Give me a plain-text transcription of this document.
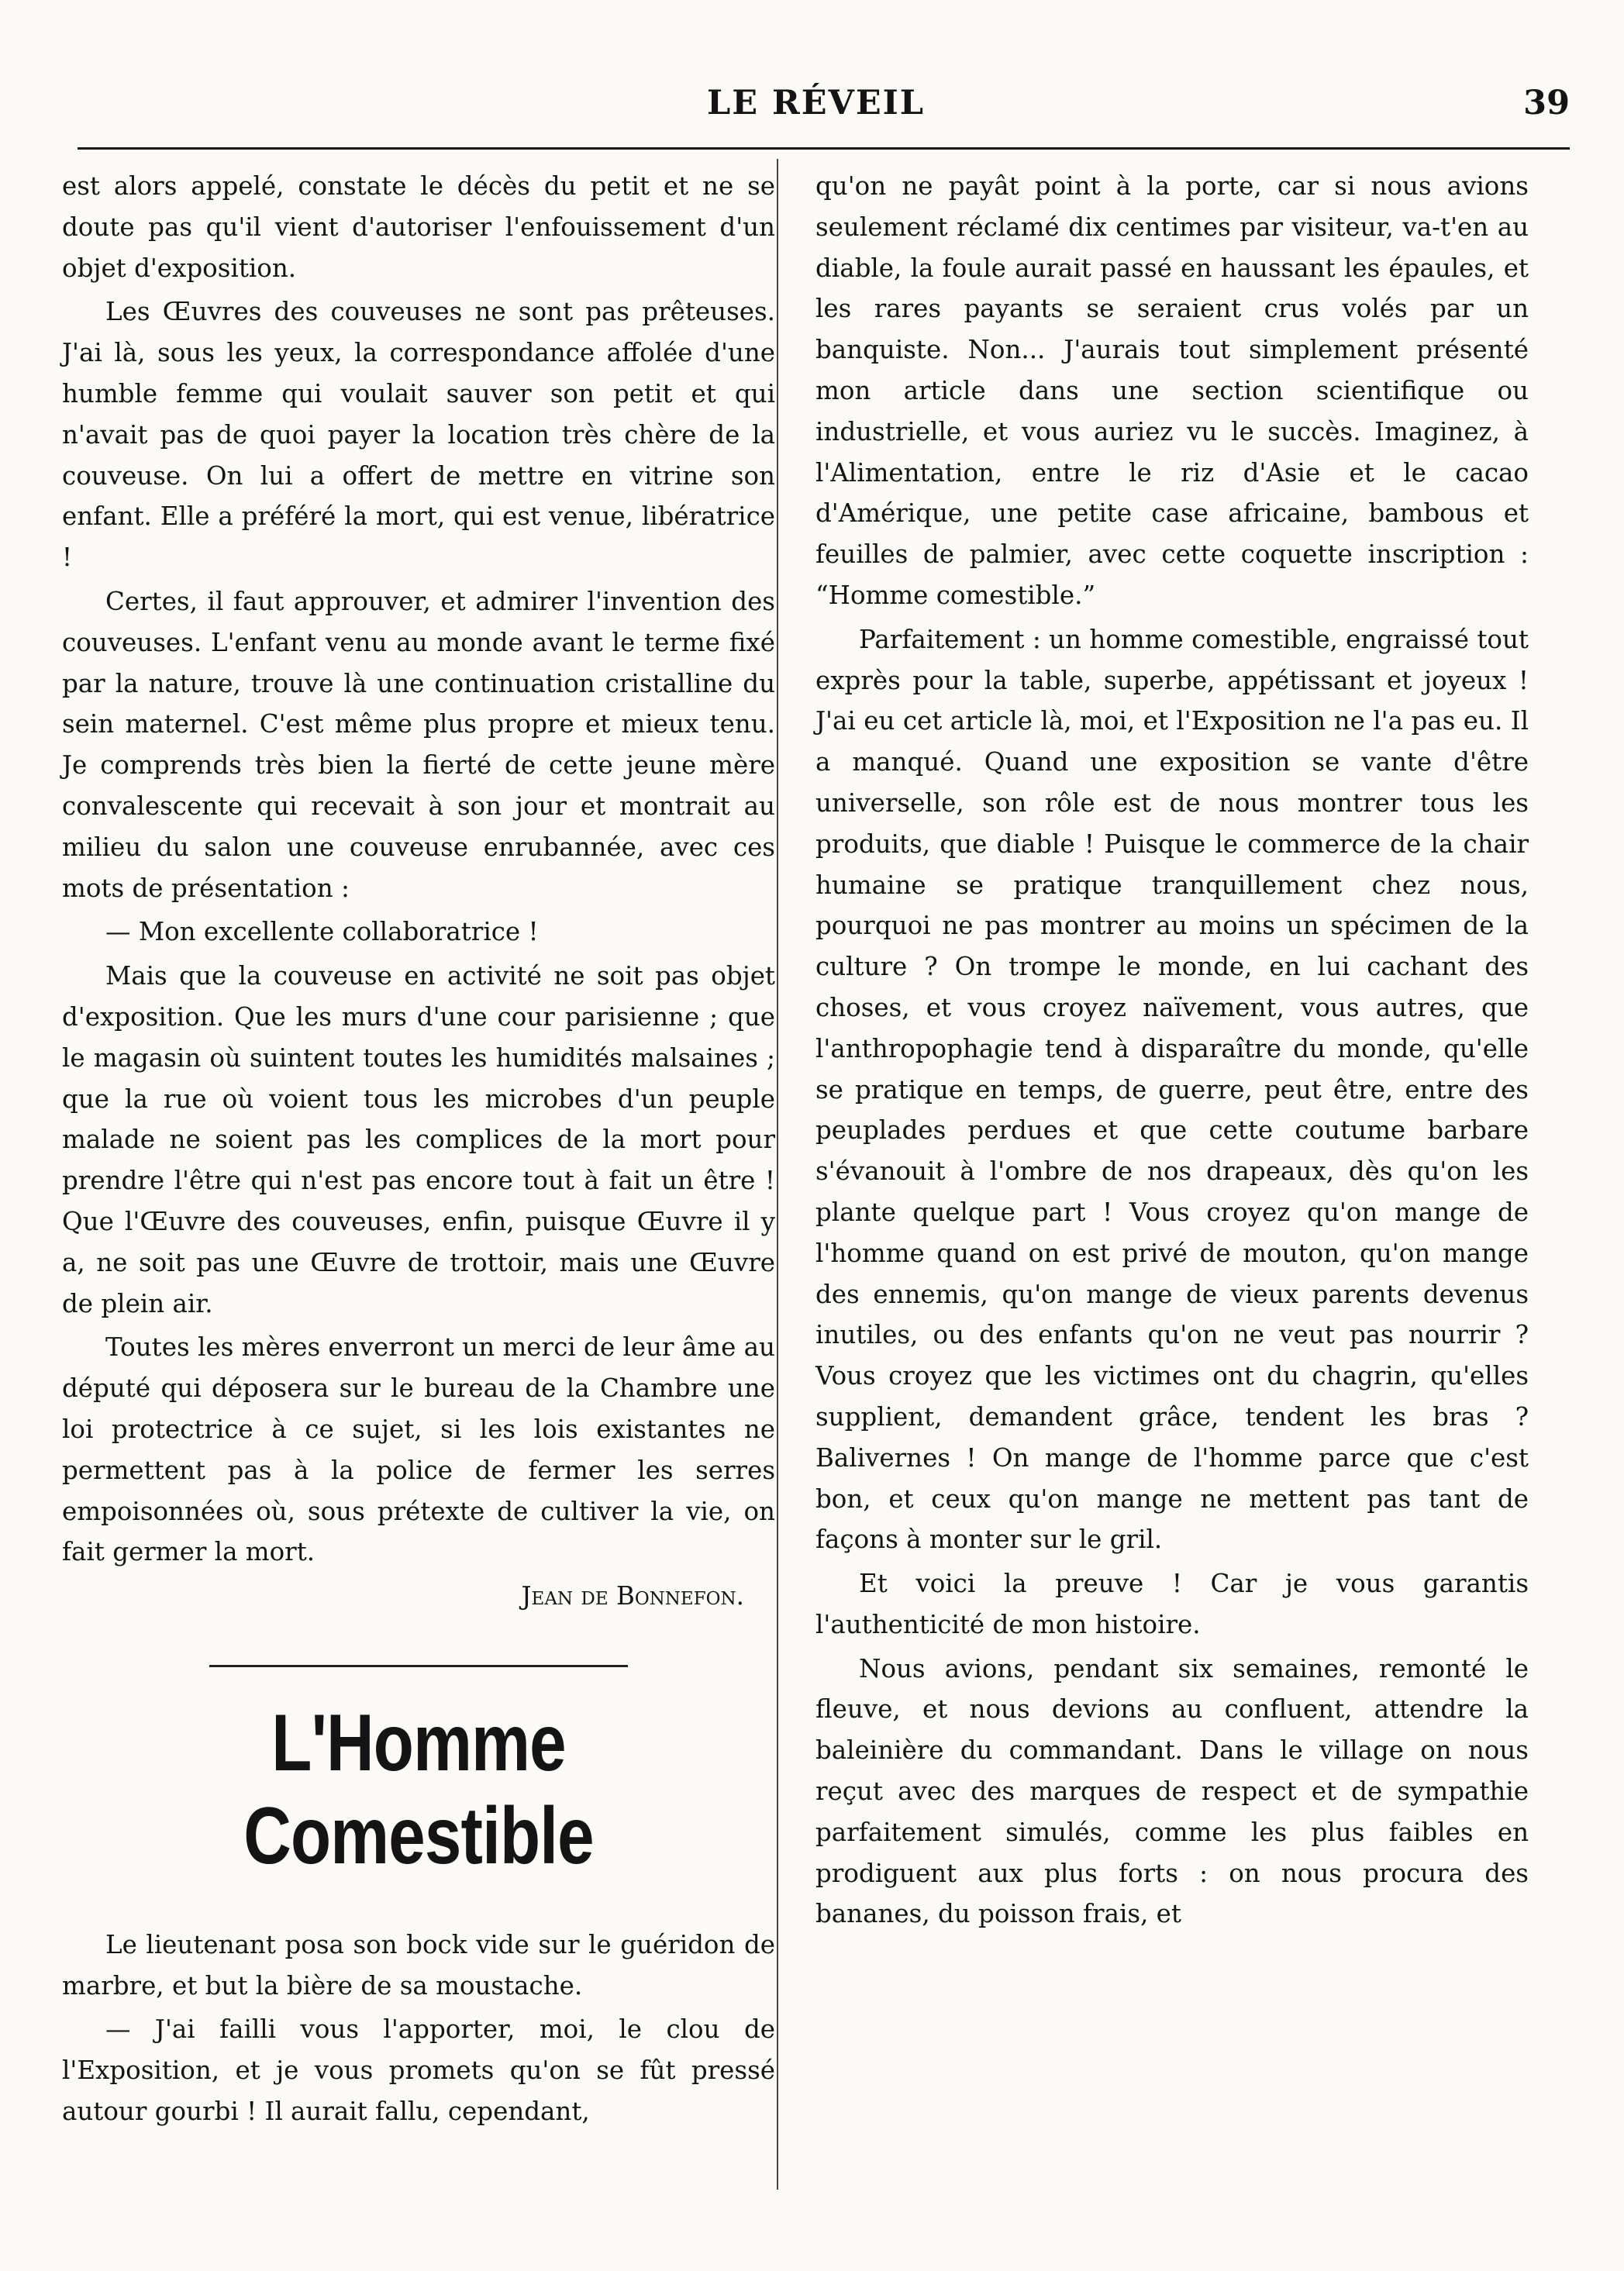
LE RÉVEIL	39

est alors appelé, constate le décès du petit et ne se doute pas qu'il vient d'autoriser l'enfouissement d'un objet d'exposition.

Les Œuvres des couveuses ne sont pas prêteuses. J'ai là, sous les yeux, la correspondance affolée d'une humble femme qui voulait sauver son petit et qui n'avait pas de quoi payer la location très chère de la couveuse. On lui a offert de mettre en vitrine son enfant. Elle a préféré la mort, qui est venue, libératrice !

Certes, il faut approuver, et admirer l'invention des couveuses. L'enfant venu au monde avant le terme fixé par la nature, trouve là une continuation cristalline du sein maternel. C'est même plus propre et mieux tenu. Je comprends très bien la fierté de cette jeune mère convalescente qui recevait à son jour et montrait au milieu du salon une couveuse enrubannée, avec ces mots de présentation :

— Mon excellente collaboratrice !

Mais que la couveuse en activité ne soit pas objet d'exposition. Que les murs d'une cour parisienne ; que le magasin où suintent toutes les humidités malsaines ; que la rue où voient tous les microbes d'un peuple malade ne soient pas les complices de la mort pour prendre l'être qui n'est pas encore tout à fait un être ! Que l'Œuvre des couveuses, enfin, puisque Œuvre il y a, ne soit pas une Œuvre de trottoir, mais une Œuvre de plein air.

Toutes les mères enverront un merci de leur âme au député qui déposera sur le bureau de la Chambre une loi protectrice à ce sujet, si les lois existantes ne permettent pas à la police de fermer les serres empoisonnées où, sous prétexte de cultiver la vie, on fait germer la mort.

Jean de Bonnefon.

L'Homme Comestible

Le lieutenant posa son bock vide sur le guéridon de marbre, et but la bière de sa moustache.

— J'ai failli vous l'apporter, moi, le clou de l'Exposition, et je vous promets qu'on se fût pressé autour gourbi ! Il aurait fallu, cependant,

qu'on ne payât point à la porte, car si nous avions seulement réclamé dix centimes par visiteur, va-t'en au diable, la foule aurait passé en haussant les épaules, et les rares payants se seraient crus volés par un banquiste. Non... J'aurais tout simplement présenté mon article dans une section scientifique ou industrielle, et vous auriez vu le succès. Imaginez, à l'Alimentation, entre le riz d'Asie et le cacao d'Amérique, une petite case africaine, bambous et feuilles de palmier, avec cette coquette inscription : “Homme comestible.”

Parfaitement : un homme comestible, engraissé tout exprès pour la table, superbe, appétissant et joyeux ! J'ai eu cet article là, moi, et l'Exposition ne l'a pas eu. Il a manqué. Quand une exposition se vante d'être universelle, son rôle est de nous montrer tous les produits, que diable ! Puisque le commerce de la chair humaine se pratique tranquillement chez nous, pourquoi ne pas montrer au moins un spécimen de la culture ? On trompe le monde, en lui cachant des choses, et vous croyez naïvement, vous autres, que l'anthropophagie tend à disparaître du monde, qu'elle se pratique en temps, de guerre, peut être, entre des peuplades perdues et que cette coutume barbare s'évanouit à l'ombre de nos drapeaux, dès qu'on les plante quelque part ! Vous croyez qu'on mange de l'homme quand on est privé de mouton, qu'on mange des ennemis, qu'on mange de vieux parents devenus inutiles, ou des enfants qu'on ne veut pas nourrir ? Vous croyez que les victimes ont du chagrin, qu'elles supplient, demandent grâce, tendent les bras ? Balivernes ! On mange de l'homme parce que c'est bon, et ceux qu'on mange ne mettent pas tant de façons à monter sur le gril.

Et voici la preuve ! Car je vous garantis l'authenticité de mon histoire.

Nous avions, pendant six semaines, remonté le fleuve, et nous devions au confluent, attendre la baleinière du commandant. Dans le village on nous reçut avec des marques de respect et de sympathie parfaitement simulés, comme les plus faibles en prodiguent aux plus forts : on nous procura des bananes, du poisson frais, et
